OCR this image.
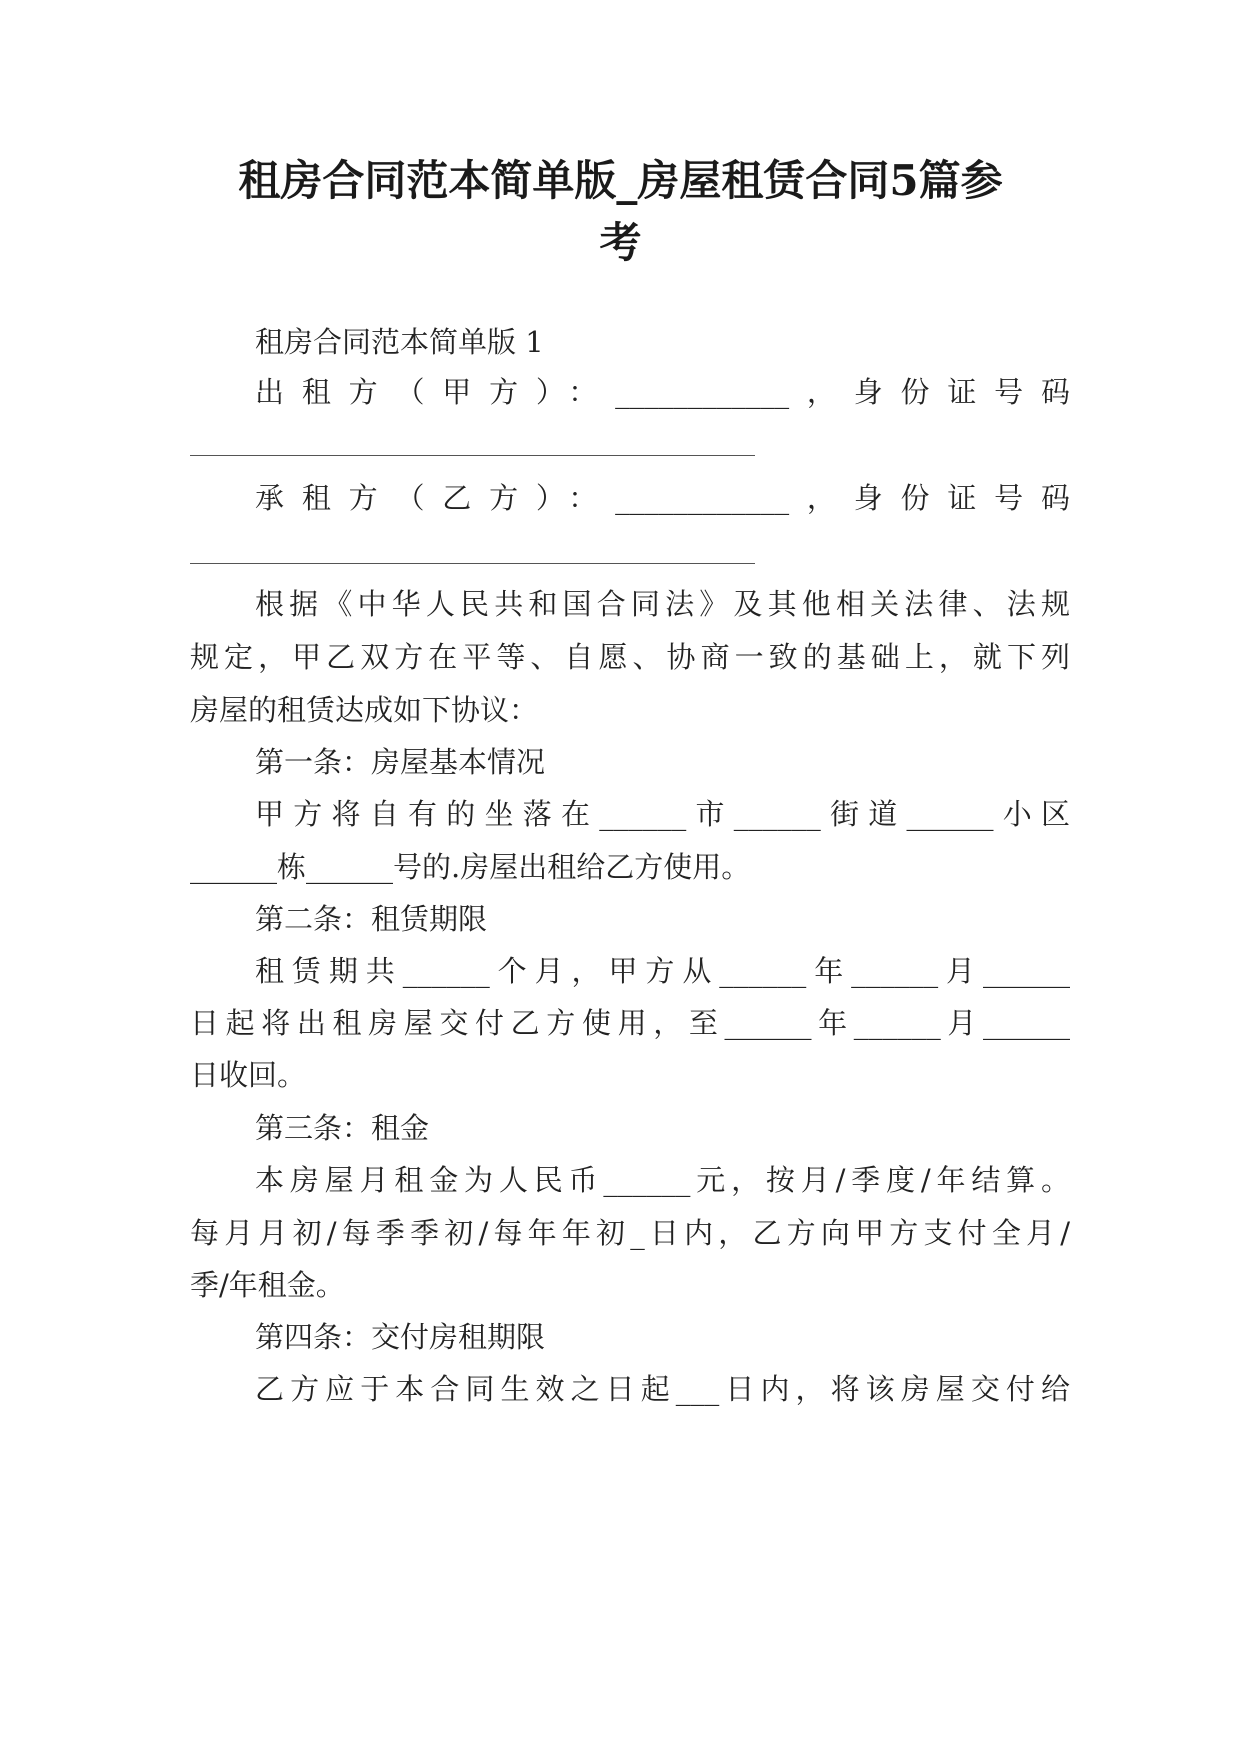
租房合同范本简单版_房屋租赁合同5篇参
考

租房合同范本简单版 1

出租方（甲方）：____________，身份证号码

承租方（乙方）：____________，身份证号码

根据《中华人民共和国合同法》及其他相关法律、法规

规定，甲乙双方在平等、自愿、协商一致的基础上，就下列

房屋的租赁达成如下协议：

第一条：房屋基本情况

甲方将自有的坐落在______市______街道______小区

______栋______号的.房屋出租给乙方使用。

第二条：租赁期限

租赁期共______个月，甲方从______年______月______

日起将出租房屋交付乙方使用，至______年______月______

日收回。

第三条：租金

本房屋月租金为人民币______元，按月/季度/年结算。

每月月初/每季季初/每年年初_日内，乙方向甲方支付全月/

季/年租金。

第四条：交付房租期限

乙方应于本合同生效之日起___日内，将该房屋交付给
